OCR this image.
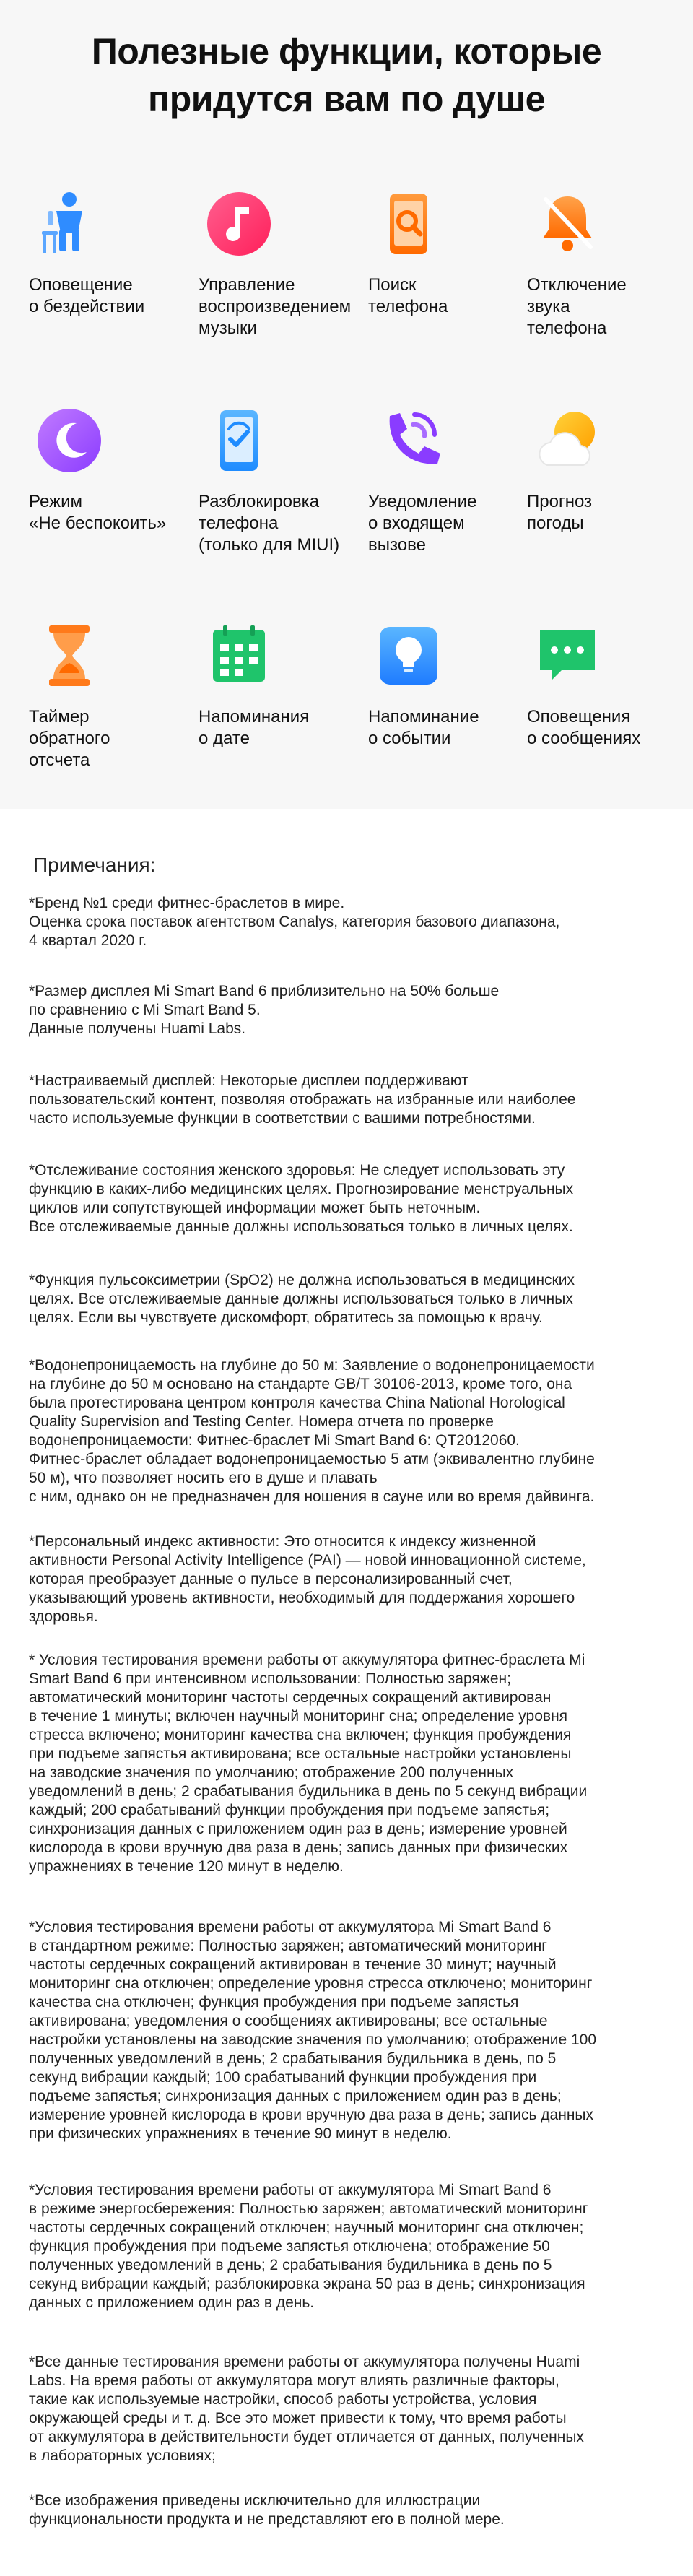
Полезные функции, которые
придутся вам по душе
Оповещение
о бездействии
Управление
воспроизведением
музыки
Поиск
телефона
Отключение
звука
телефона
Режим
«Не беспокоить»
Разблокировка
телефона
(только для MIUI)
Уведомление
о входящем
вызове
Прогноз
погоды
Таймер
обратного
отсчета
Напоминания
о дате
Напоминание
о событии
Оповещения
о сообщениях
Примечания:
*Бренд №1 среди фитнес-браслетов в мире.
Оценка срока поставок агентством Canalys, категория базового диапазона,
4 квартал 2020 г.
*Размер дисплея Mi Smart Band 6 приблизительно на 50% больше
по сравнению с Mi Smart Band 5.
Данные получены Huami Labs.
*Настраиваемый дисплей: Некоторые дисплеи поддерживают
пользовательский контент, позволяя отображать на избранные или наиболее
часто используемые функции в соответствии с вашими потребностями.
*Отслеживание состояния женского здоровья: Не следует использовать эту
функцию в каких-либо медицинских целях. Прогнозирование менструальных
циклов или сопутствующей информации может быть неточным.
Все отслеживаемые данные должны использоваться только в личных целях.
*Функция пульсоксиметрии (SpO2) не должна использоваться в медицинских
целях. Все отслеживаемые данные должны использоваться только в личных
целях. Если вы чувствуете дискомфорт, обратитесь за помощью к врачу.
*Водонепроницаемость на глубине до 50 м: Заявление о водонепроницаемости
на глубине до 50 м основано на стандарте GB/T 30106-2013, кроме того, она
была протестирована центром контроля качества China National Horological
Quality Supervision and Testing Center. Номера отчета по проверке
водонепроницаемости: Фитнес-браслет Mi Smart Band 6: QT2012060.
Фитнес-браслет обладает водонепроницаемостью 5 атм (эквивалентно глубине
50 м), что позволяет носить его в душе и плавать
с ним, однако он не предназначен для ношения в сауне или во время дайвинга.
*Персональный индекс активности: Это относится к индексу жизненной
активности Personal Activity Intelligence (PAI) — новой инновационной системе,
которая преобразует данные о пульсе в персонализированный счет,
указывающий уровень активности, необходимый для поддержания хорошего
здоровья.
* Условия тестирования времени работы от аккумулятора фитнес-браслета Mi
Smart Band 6 при интенсивном использовании: Полностью заряжен;
автоматический мониторинг частоты сердечных сокращений активирован
в течение 1 минуты; включен научный мониторинг сна; определение уровня
стресса включено; мониторинг качества сна включен; функция пробуждения
при подъеме запястья активирована; все остальные настройки установлены
на заводские значения по умолчанию; отображение 200 полученных
уведомлений в день; 2 срабатывания будильника в день по 5 секунд вибрации
каждый; 200 срабатываний функции пробуждения при подъеме запястья;
синхронизация данных с приложением один раз в день; измерение уровней
кислорода в крови вручную два раза в день; запись данных при физических
упражнениях в течение 120 минут в неделю.
*Условия тестирования времени работы от аккумулятора Mi Smart Band 6
в стандартном режиме: Полностью заряжен; автоматический мониторинг
частоты сердечных сокращений активирован в течение 30 минут; научный
мониторинг сна отключен; определение уровня стресса отключено; мониторинг
качества сна отключен; функция пробуждения при подъеме запястья
активирована; уведомления о сообщениях активированы; все остальные
настройки установлены на заводские значения по умолчанию; отображение 100
полученных уведомлений в день; 2 срабатывания будильника в день, по 5
секунд вибрации каждый; 100 срабатываний функции пробуждения при
подъеме запястья; синхронизация данных с приложением один раз в день;
измерение уровней кислорода в крови вручную два раза в день; запись данных
при физических упражнениях в течение 90 минут в неделю.
*Условия тестирования времени работы от аккумулятора Mi Smart Band 6
в режиме энергосбережения: Полностью заряжен; автоматический мониторинг
частоты сердечных сокращений отключен; научный мониторинг сна отключен;
функция пробуждения при подъеме запястья отключена; отображение 50
полученных уведомлений в день; 2 срабатывания будильника в день по 5
секунд вибрации каждый; разблокировка экрана 50 раз в день; синхронизация
данных с приложением один раз в день.
*Все данные тестирования времени работы от аккумулятора получены Huami
Labs. На время работы от аккумулятора могут влиять различные факторы,
такие как используемые настройки, способ работы устройства, условия
окружающей среды и т. д. Все это может привести к тому, что время работы
от аккумулятора в действительности будет отличается от данных, полученных
в лабораторных условиях;
*Все изображения приведены исключительно для иллюстрации
функциональности продукта и не представляют его в полной мере.
